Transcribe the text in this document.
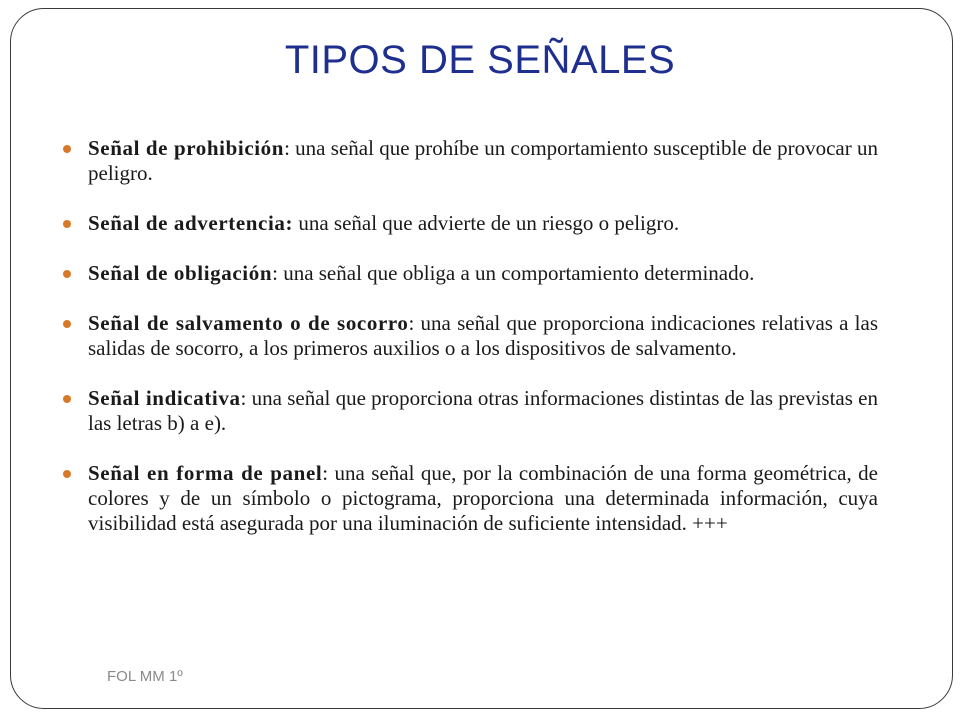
TIPOS DE SEÑALES
Señal de prohibición: una señal que prohíbe un comportamiento susceptible de provocar un peligro.
Señal de advertencia: una señal que advierte de un riesgo o peligro.
Señal de obligación: una señal que obliga a un comportamiento determinado.
Señal de salvamento o de socorro: una señal que proporciona indicaciones relativas a las salidas de socorro, a los primeros auxilios o a los dispositivos de salvamento.
Señal indicativa: una señal que proporciona otras informaciones distintas de las previstas en las letras b) a e).
Señal en forma de panel: una señal que, por la combinación de una forma geométrica, de colores y de un símbolo o pictograma, proporciona una determinada información, cuya visibilidad está asegurada por una iluminación de suficiente intensidad. +++
FOL MM 1º
